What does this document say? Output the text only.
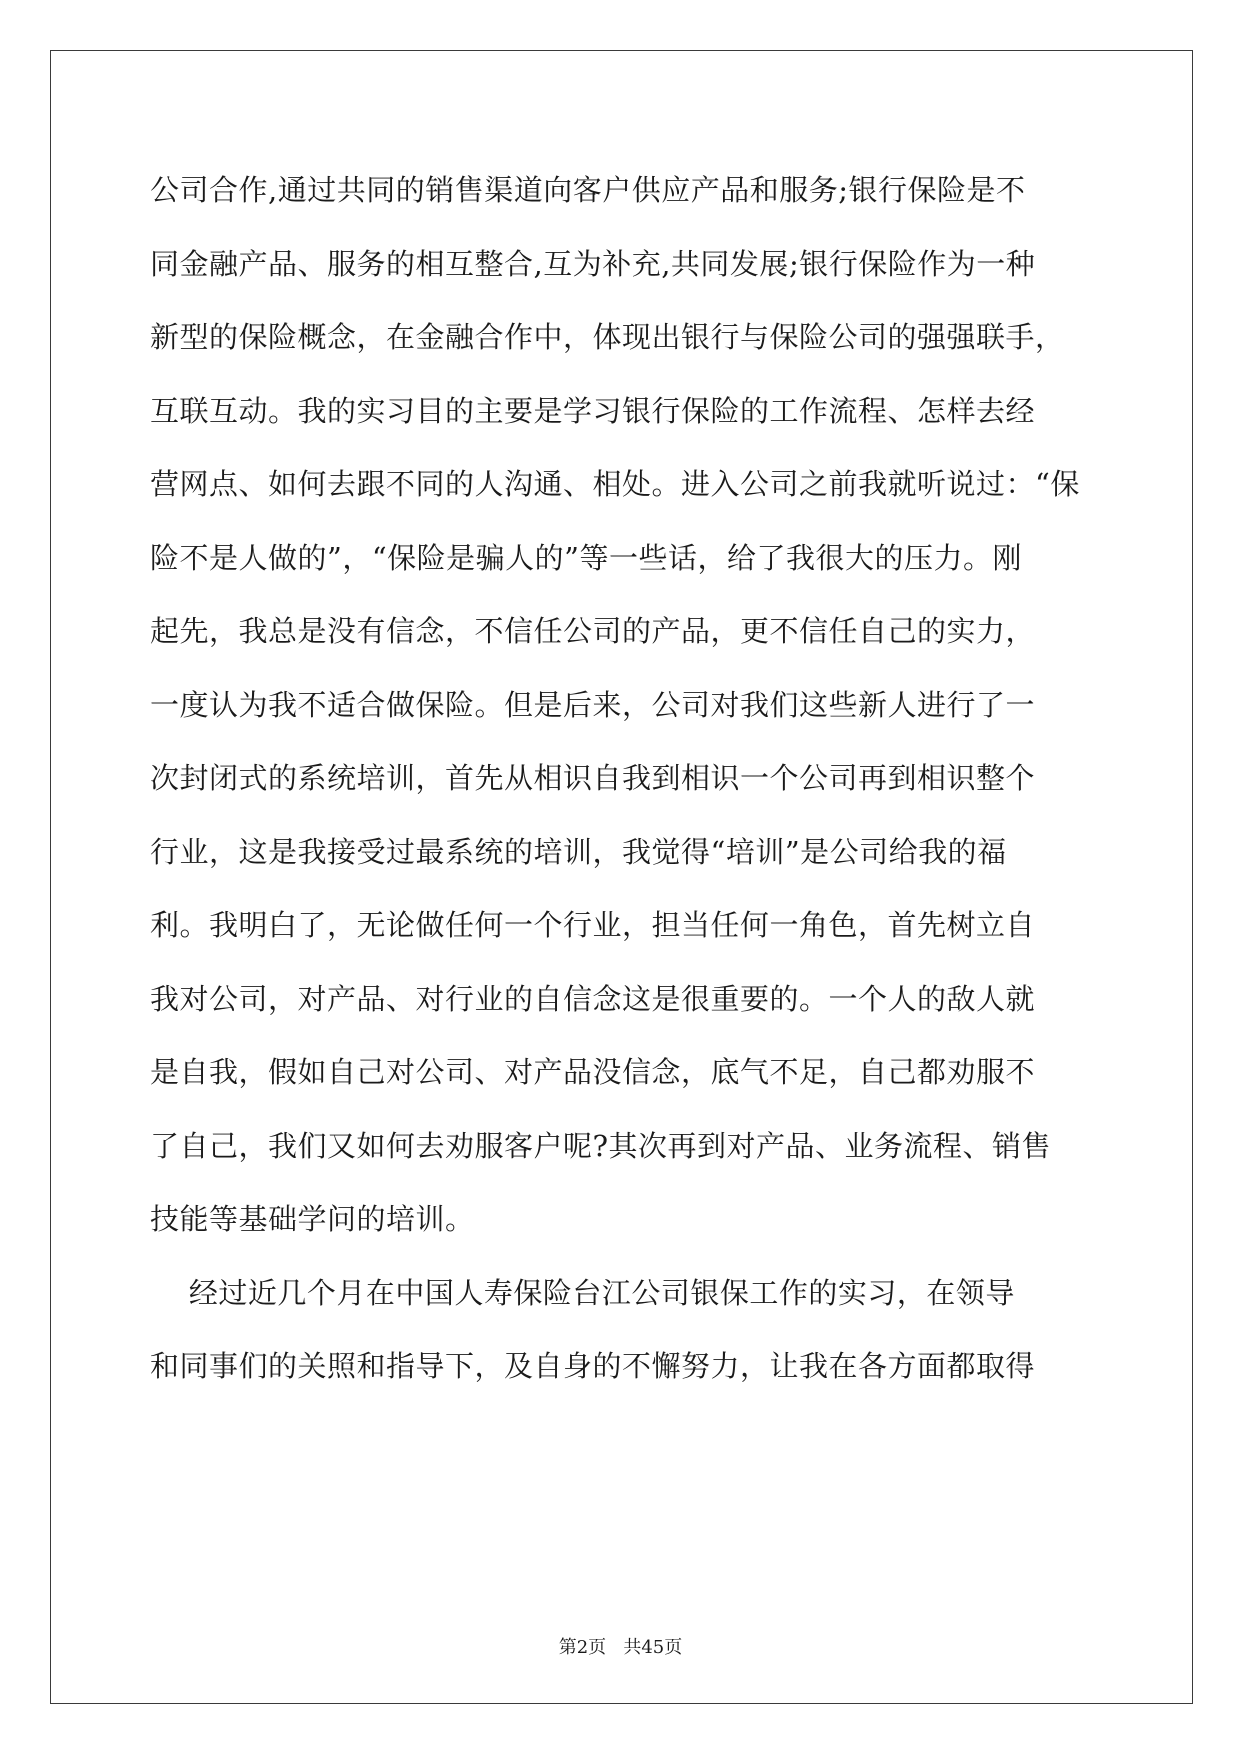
公司合作,通过共同的销售渠道向客户供应产品和服务;银行保险是不
同金融产品、服务的相互整合,互为补充,共同发展;银行保险作为一种
新型的保险概念，在金融合作中，体现出银行与保险公司的强强联手，
互联互动。我的实习目的主要是学习银行保险的工作流程、怎样去经
营网点、如何去跟不同的人沟通、相处。进入公司之前我就听说过：“保
险不是人做的”，“保险是骗人的”等一些话，给了我很大的压力。刚
起先，我总是没有信念，不信任公司的产品，更不信任自己的实力，
一度认为我不适合做保险。但是后来，公司对我们这些新人进行了一
次封闭式的系统培训，首先从相识自我到相识一个公司再到相识整个
行业，这是我接受过最系统的培训，我觉得“培训”是公司给我的福
利。我明白了，无论做任何一个行业，担当任何一角色，首先树立自
我对公司，对产品、对行业的自信念这是很重要的。一个人的敌人就
是自我，假如自己对公司、对产品没信念，底气不足，自己都劝服不
了自己，我们又如何去劝服客户呢?其次再到对产品、业务流程、销售
技能等基础学问的培训。
经过近几个月在中国人寿保险台江公司银保工作的实习，在领导
和同事们的关照和指导下，及自身的不懈努力，让我在各方面都取得
第2页   共45页
